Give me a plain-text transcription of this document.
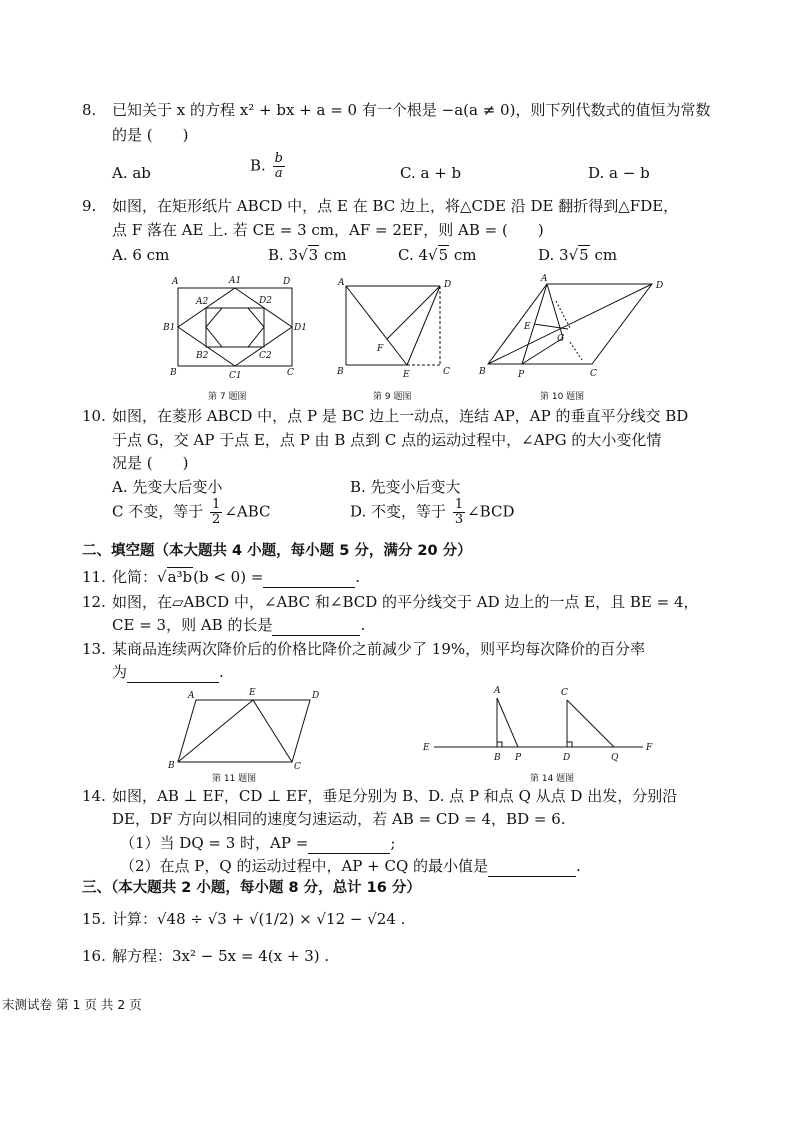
8. 已知关于 x 的方程 x² + bx + a = 0 有一个根是 −a(a ≠ 0)，则下列代数式的值恒为常数
的是 (　　)
A. ab	B. $\frac{b}{a}$	C. a + b	D. a − b
9. 如图，在矩形纸片 ABCD 中，点 E 在 BC 边上，将△CDE 沿 DE 翻折得到△FDE，
点 F 落在 AE 上. 若 CE = 3 cm，AF = 2EF，则 AB = (　　)
A. 6 cm	B. 3√3 cm	C. 4√5 cm	D. 3√5 cm
A	A1	D
A2	D2
B1	D1
B2	C2
B	C1	C
第 7 题图
A	D
F
B	E	C
第 9 题图
A
D
E
G
B	P	C
第 10 题图
10. 如图，在菱形 ABCD 中，点 P 是 BC 边上一动点，连结 AP，AP 的垂直平分线交 BD
于点 G，交 AP 于点 E，点 P 由 B 点到 C 点的运动过程中，∠APG 的大小变化情
况是 (　　)
A. 先变大后变小	B. 先变小后变大
C 不变，等于 $\frac{1}{2}$ ∠ABC	D. 不变，等于 $\frac{1}{3}$ ∠BCD
二、填空题（本大题共 4 小题，每小题 5 分，满分 20 分）
11. 化简：√a³b(b < 0) =	.
12. 如图，在▱ABCD 中，∠ABC 和∠BCD 的平分线交于 AD 边上的一点 E，且 BE = 4，
CE = 3，则 AB 的长是	.
13. 某商品连续两次降价后的价格比降价之前减少了 19%，则平均每次降价的百分率
为	.
A	E	D
B	C
第 11 题图
A	C
E
B P	D	Q
F
第 14 题图
14. 如图，AB ⊥ EF，CD ⊥ EF，垂足分别为 B、D. 点 P 和点 Q 从点 D 出发，分别沿
DE，DF 方向以相同的速度匀速运动，若 AB = CD = 4，BD = 6.
（1）当 DQ = 3 时，AP =	;
（2）在点 P，Q 的运动过程中，AP + CQ 的最小值是	.
三、（本大题共 2 小题，每小题 8 分，总计 16 分）
15. 计算：√48 ÷ √3 + √(1/2) × √12 − √24 .
16. 解方程：3x² − 5x = 4(x + 3) .
末测试卷 第 1 页 共 2 页
